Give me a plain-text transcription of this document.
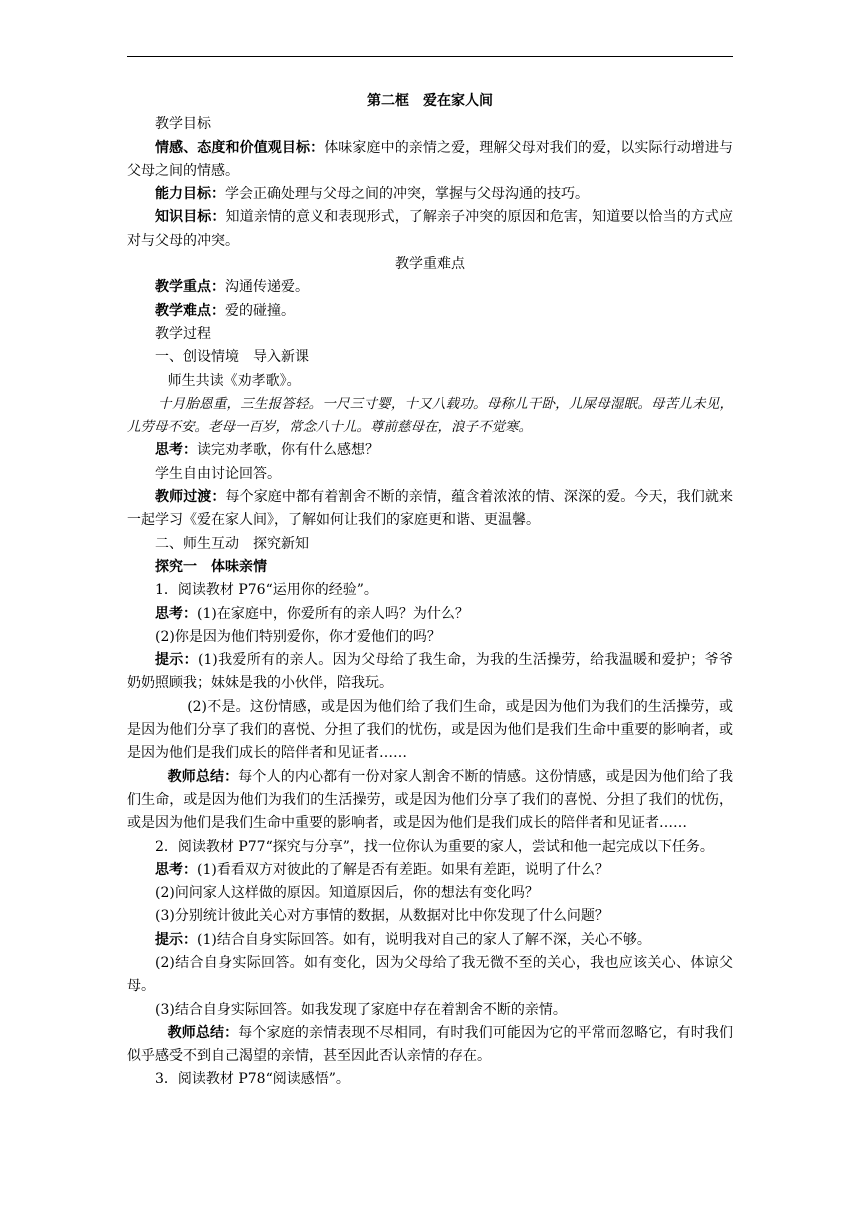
第二框　爱在家人间

教学目标

情感、态度和价值观目标：体味家庭中的亲情之爱，理解父母对我们的爱，以实际行动增进与父母之间的情感。

能力目标：学会正确处理与父母之间的冲突，掌握与父母沟通的技巧。

知识目标：知道亲情的意义和表现形式，了解亲子冲突的原因和危害，知道要以恰当的方式应对与父母的冲突。

教学重难点

教学重点：沟通传递爱。

教学难点：爱的碰撞。

教学过程

一、创设情境　导入新课

师生共读《劝孝歌》。

十月胎恩重，三生报答轻。一尺三寸婴，十又八载功。母称儿干卧，儿屎母湿眠。母苦儿未见，儿劳母不安。老母一百岁，常念八十儿。尊前慈母在，浪子不觉寒。

思考：读完劝孝歌，你有什么感想？

学生自由讨论回答。

教师过渡：每个家庭中都有着割舍不断的亲情，蕴含着浓浓的情、深深的爱。今天，我们就来一起学习《爱在家人间》，了解如何让我们的家庭更和谐、更温馨。

二、师生互动　探究新知

探究一　体味亲情

1．阅读教材 P76“运用你的经验”。

思考：(1)在家庭中，你爱所有的亲人吗？为什么？

(2)你是因为他们特别爱你，你才爱他们的吗？

提示：(1)我爱所有的亲人。因为父母给了我生命，为我的生活操劳，给我温暖和爱护；爷爷奶奶照顾我；妹妹是我的小伙伴，陪我玩。

(2)不是。这份情感，或是因为他们给了我们生命，或是因为他们为我们的生活操劳，或是因为他们分享了我们的喜悦、分担了我们的忧伤，或是因为他们是我们生命中重要的影响者，或是因为他们是我们成长的陪伴者和见证者……

教师总结：每个人的内心都有一份对家人割舍不断的情感。这份情感，或是因为他们给了我们生命，或是因为他们为我们的生活操劳，或是因为他们分享了我们的喜悦、分担了我们的忧伤，或是因为他们是我们生命中重要的影响者，或是因为他们是我们成长的陪伴者和见证者……

2．阅读教材 P77“探究与分享”，找一位你认为重要的家人，尝试和他一起完成以下任务。

思考：(1)看看双方对彼此的了解是否有差距。如果有差距，说明了什么？

(2)问问家人这样做的原因。知道原因后，你的想法有变化吗？

(3)分别统计彼此关心对方事情的数据，从数据对比中你发现了什么问题？

提示：(1)结合自身实际回答。如有，说明我对自己的家人了解不深，关心不够。

(2)结合自身实际回答。如有变化，因为父母给了我无微不至的关心，我也应该关心、体谅父母。

(3)结合自身实际回答。如我发现了家庭中存在着割舍不断的亲情。

教师总结：每个家庭的亲情表现不尽相同，有时我们可能因为它的平常而忽略它，有时我们似乎感受不到自己渴望的亲情，甚至因此否认亲情的存在。

3．阅读教材 P78“阅读感悟”。
